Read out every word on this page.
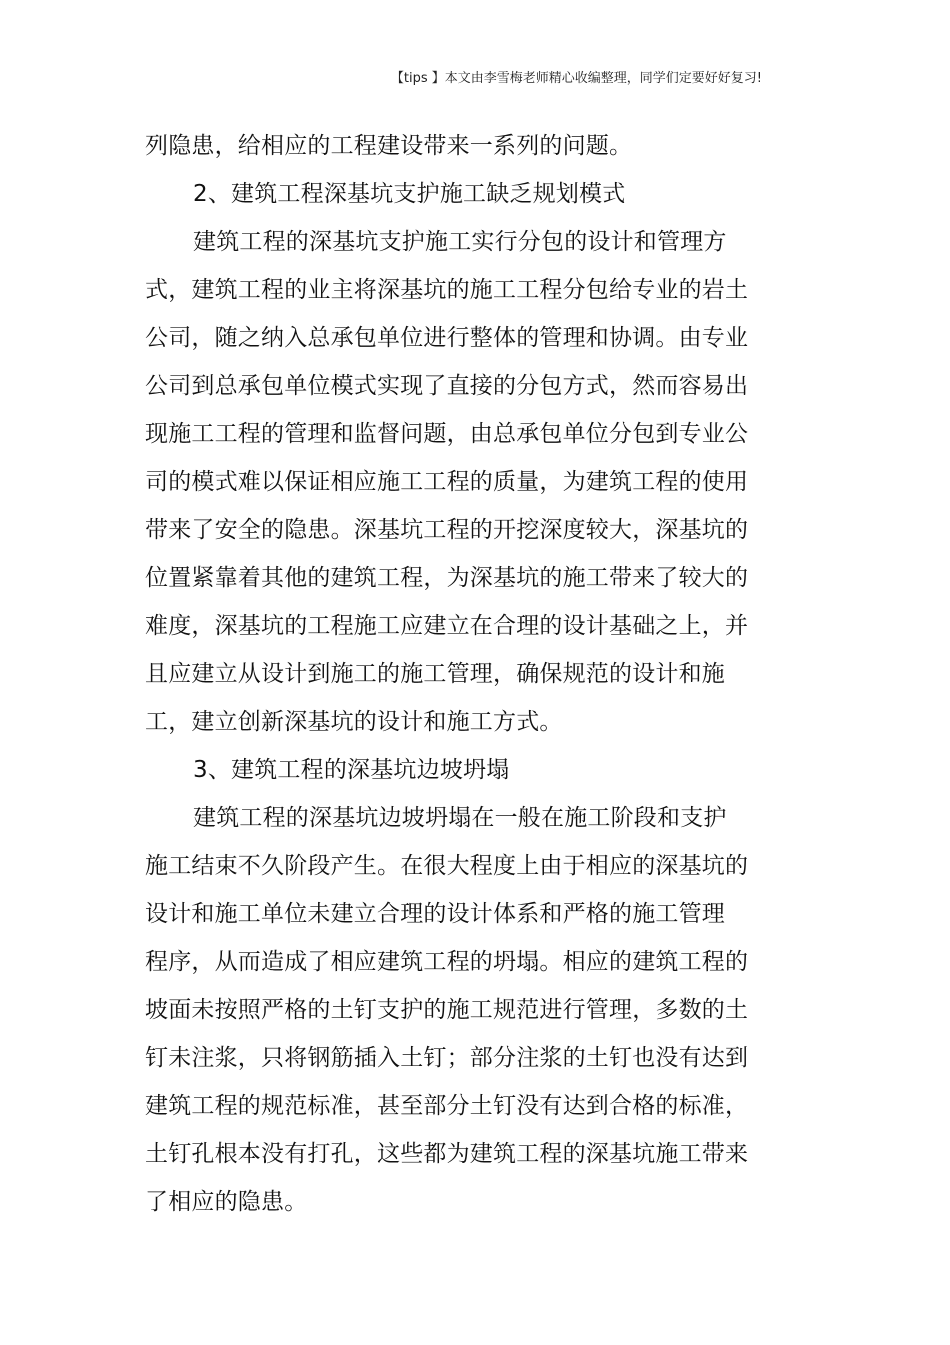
【tips 】本文由李雪梅老师精心收编整理，同学们定要好好复习!
列隐患，给相应的工程建设带来一系列的问题。
2、建筑工程深基坑支护施工缺乏规划模式
建筑工程的深基坑支护施工实行分包的设计和管理方
式，建筑工程的业主将深基坑的施工工程分包给专业的岩土
公司，随之纳入总承包单位进行整体的管理和协调。由专业
公司到总承包单位模式实现了直接的分包方式，然而容易出
现施工工程的管理和监督问题，由总承包单位分包到专业公
司的模式难以保证相应施工工程的质量，为建筑工程的使用
带来了安全的隐患。深基坑工程的开挖深度较大，深基坑的
位置紧靠着其他的建筑工程，为深基坑的施工带来了较大的
难度，深基坑的工程施工应建立在合理的设计基础之上，并
且应建立从设计到施工的施工管理，确保规范的设计和施
工，建立创新深基坑的设计和施工方式。
3、建筑工程的深基坑边坡坍塌
建筑工程的深基坑边坡坍塌在一般在施工阶段和支护
施工结束不久阶段产生。在很大程度上由于相应的深基坑的
设计和施工单位未建立合理的设计体系和严格的施工管理
程序，从而造成了相应建筑工程的坍塌。相应的建筑工程的
坡面未按照严格的土钉支护的施工规范进行管理，多数的土
钉未注浆，只将钢筋插入土钉；部分注浆的土钉也没有达到
建筑工程的规范标准，甚至部分土钉没有达到合格的标准，
土钉孔根本没有打孔，这些都为建筑工程的深基坑施工带来
了相应的隐患。
